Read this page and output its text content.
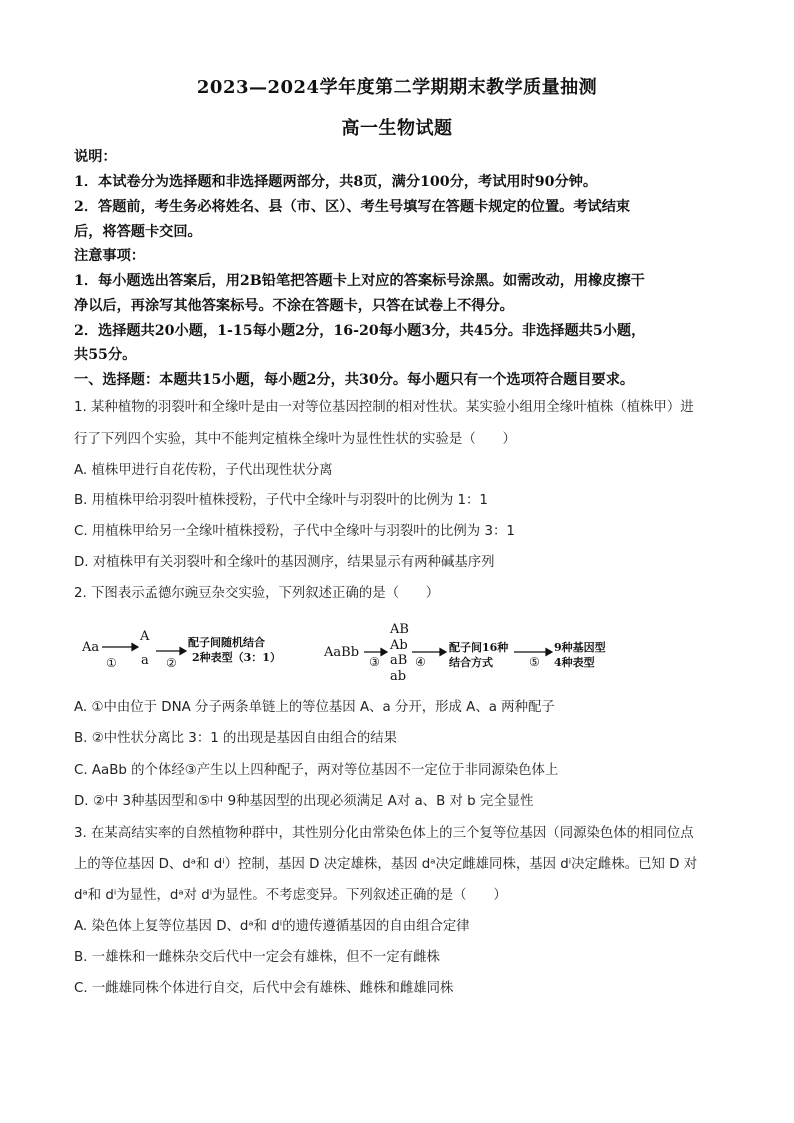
2023—2024学年度第二学期期末教学质量抽测
高一生物试题
说明：
1．本试卷分为选择题和非选择题两部分，共8页，满分100分，考试用时90分钟。
2．答题前，考生务必将姓名、县（市、区）、考生号填写在答题卡规定的位置。考试结束
后，将答题卡交回。
注意事项：
1．每小题选出答案后，用2B铅笔把答题卡上对应的答案标号涂黑。如需改动，用橡皮擦干
净以后，再涂写其他答案标号。不涂在答题卡，只答在试卷上不得分。
2．选择题共20小题，1-15每小题2分，16-20每小题3分，共45分。非选择题共5小题，
共55分。
一、选择题：本题共15小题，每小题2分，共30分。每小题只有一个选项符合题目要求。
1. 某种植物的羽裂叶和全缘叶是由一对等位基因控制的相对性状。某实验小组用全缘叶植株（植株甲）进
行了下列四个实验，其中不能判定植株全缘叶为显性性状的实验是（　　）
A. 植株甲进行自花传粉，子代出现性状分离
B. 用植株甲给羽裂叶植株授粉，子代中全缘叶与羽裂叶的比例为 1：1
C. 用植株甲给另一全缘叶植株授粉，子代中全缘叶与羽裂叶的比例为 3：1
D. 对植株甲有关羽裂叶和全缘叶的基因测序，结果显示有两种碱基序列
2. 下图表示孟德尔豌豆杂交实验，下列叙述正确的是（　　）
Aa
A
a
①	②
配子间随机结合
2种表型（3：1）	AaBb
AB
Ab
aB
ab
③	④
配子间16种
结合方式	⑤
9种基因型
4种表型
A. ①中由位于 DNA 分子两条单链上的等位基因 A、a 分开，形成 A、a 两种配子
B. ②中性状分离比 3：1 的出现是基因自由组合的结果
C. AaBb 的个体经③产生以上四种配子，两对等位基因不一定位于非同源染色体上
D. ②中 3种基因型和⑤中 9种基因型的出现必须满足 A对 a、B 对 b 完全显性
3. 在某高结实率的自然植物种群中，其性别分化由常染色体上的三个复等位基因（同源染色体的相同位点
上的等位基因 D、dᵃ和 dⁱ）控制，基因 D 决定雄株，基因 dᵃ决定雌雄同株，基因 dⁱ决定雌株。已知 D 对
dᵃ和 dⁱ为显性，dᵃ对 dⁱ为显性。不考虑变异。下列叙述正确的是（　　）
A. 染色体上复等位基因 D、dᵃ和 dⁱ的遗传遵循基因的自由组合定律
B. 一雄株和一雌株杂交后代中一定会有雄株，但不一定有雌株
C. 一雌雄同株个体进行自交，后代中会有雄株、雌株和雌雄同株
